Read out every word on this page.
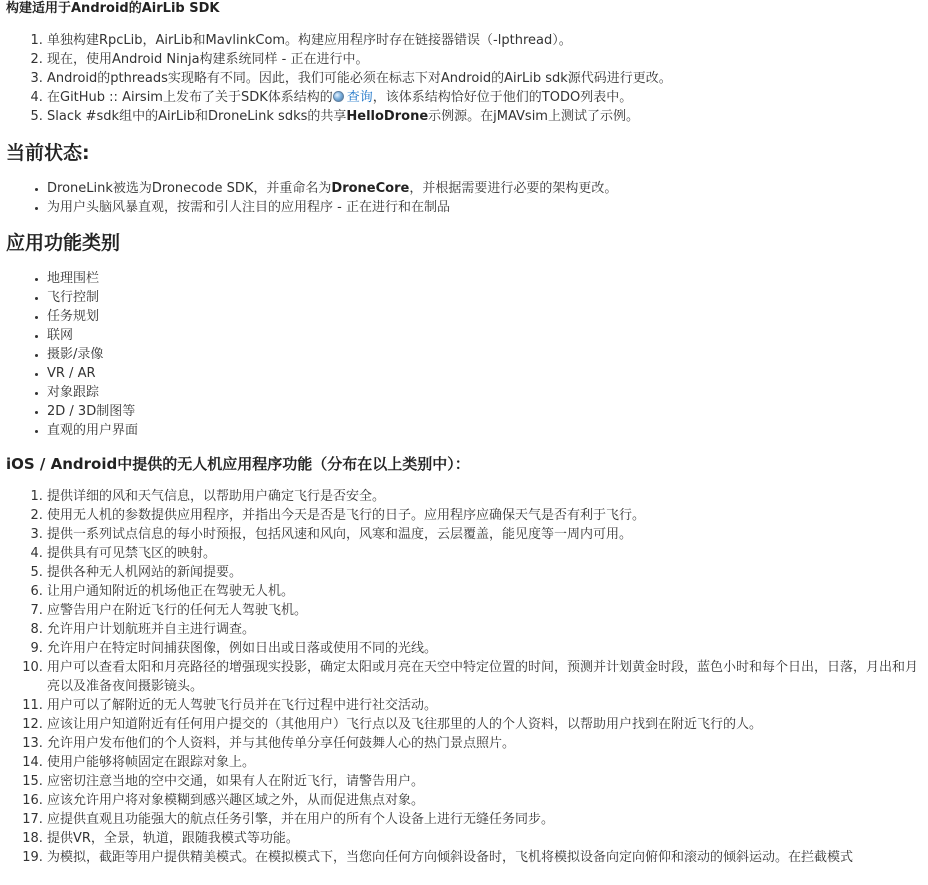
构建适用于Android的AirLib SDK
1. 单独构建RpcLib，AirLib和MavlinkCom。构建应用程序时存在链接器错误（-lpthread）。
2. 现在，使用Android Ninja构建系统同样 - 正在进行中。
3. Android的pthreads实现略有不同。因此，我们可能必须在标志下对Android的AirLib sdk源代码进行更改。
4. 在GitHub :: Airsim上发布了关于SDK体系结构的 查询，该体系结构恰好位于他们的TODO列表中。
5. Slack #sdk组中的AirLib和DroneLink sdks的共享HelloDrone示例源。在jMAVsim上测试了示例。
当前状态:
• DroneLink被选为Dronecode SDK，并重命名为DroneCore，并根据需要进行必要的架构更改。
• 为用户头脑风暴直观，按需和引人注目的应用程序 - 正在进行和在制品
应用功能类别
• 地理围栏
• 飞行控制
• 任务规划
• 联网
• 摄影/录像
• VR / AR
• 对象跟踪
• 2D / 3D制图等
• 直观的用户界面
iOS / Android中提供的无人机应用程序功能（分布在以上类别中）：
1. 提供详细的风和天气信息，以帮助用户确定飞行是否安全。
2. 使用无人机的参数提供应用程序，并指出今天是否是飞行的日子。应用程序应确保天气是否有利于飞行。
3. 提供一系列试点信息的每小时预报，包括风速和风向，风寒和温度，云层覆盖，能见度等一周内可用。
4. 提供具有可见禁飞区的映射。
5. 提供各种无人机网站的新闻提要。
6. 让用户通知附近的机场他正在驾驶无人机。
7. 应警告用户在附近飞行的任何无人驾驶飞机。
8. 允许用户计划航班并自主进行调查。
9. 允许用户在特定时间捕获图像，例如日出或日落或使用不同的光线。
10. 用户可以查看太阳和月亮路径的增强现实投影，确定太阳或月亮在天空中特定位置的时间，预测并计划黄金时段，蓝色小时和每个日出，日落，月出和月亮以及准备夜间摄影镜头。
11. 用户可以了解附近的无人驾驶飞行员并在飞行过程中进行社交活动。
12. 应该让用户知道附近有任何用户提交的（其他用户）飞行点以及飞往那里的人的个人资料，以帮助用户找到在附近飞行的人。
13. 允许用户发布他们的个人资料，并与其他传单分享任何鼓舞人心的热门景点照片。
14. 使用户能够将帧固定在跟踪对象上。
15. 应密切注意当地的空中交通，如果有人在附近飞行，请警告用户。
16. 应该允许用户将对象模糊到感兴趣区域之外，从而促进焦点对象。
17. 应提供直观且功能强大的航点任务引擎，并在用户的所有个人设备上进行无缝任务同步。
18. 提供VR，全景，轨道，跟随我模式等功能。
19. 为模拟，截距等用户提供精美模式。在模拟模式下，当您向任何方向倾斜设备时，飞机将模拟设备向定向俯仰和滚动的倾斜运动。在拦截模式
